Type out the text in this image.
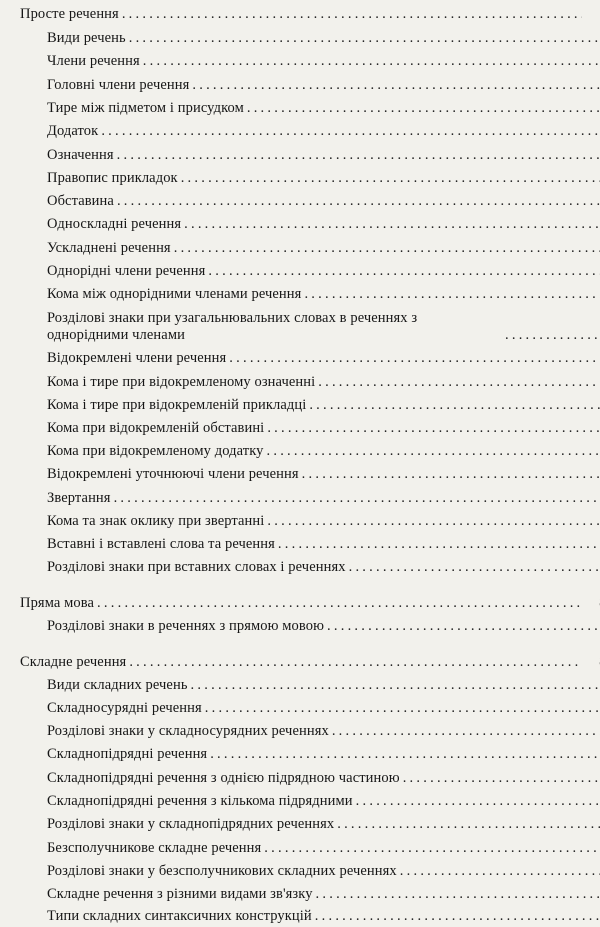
Просте речення
. . .
Види речень
. . .
Члени речення
. . .
Головні члени речення
. . .
Тире між підметом і присудком
. . .
Додаток
. . .
Означення
. . .
Правопис прикладок
. . .
Обставина
. . .
Односкладні речення
. . .
Ускладнені речення
. . .
Однорідні члени речення
. . .
Кома між однорідними членами речення
. . .
Розділові знаки при узагальнювальних словах в реченнях з однорідними членами
. . .
Відокремлені члени речення
. . .
Кома і тире при відокремленому означенні
. . .
Кома і тире при відокремленій прикладці
. . .
Кома при відокремленій обставині
. . .
Кома при відокремленому додатку
. . .
Відокремлені уточнюючі члени речення
. . .
Звертання
. . .
Кома та знак оклику при звертанні
. . .
Вставні і вставлені слова та речення
. . .
Розділові знаки при вставних словах і реченнях
. . .
Пряма мова
. . .
Розділові знаки в реченнях з прямою мовою
. . .
Складне речення
. . .
Види складних речень
. . .
Складносурядні речення
. . .
Розділові знаки у складносурядних реченнях
. . .
Складнопідрядні речення
. . .
Складнопідрядні речення з однією підрядною частиною
. . .
Складнопідрядні речення з кількома підрядними
. . .
Розділові знаки у складнопідрядних реченнях
. . .
Безсполучникове складне речення
. . .
Розділові знаки у безсполучникових складних реченнях
. . .
Складне речення з різними видами зв'язку
. . .
Типи складних синтаксичних конструкцій
. . .
